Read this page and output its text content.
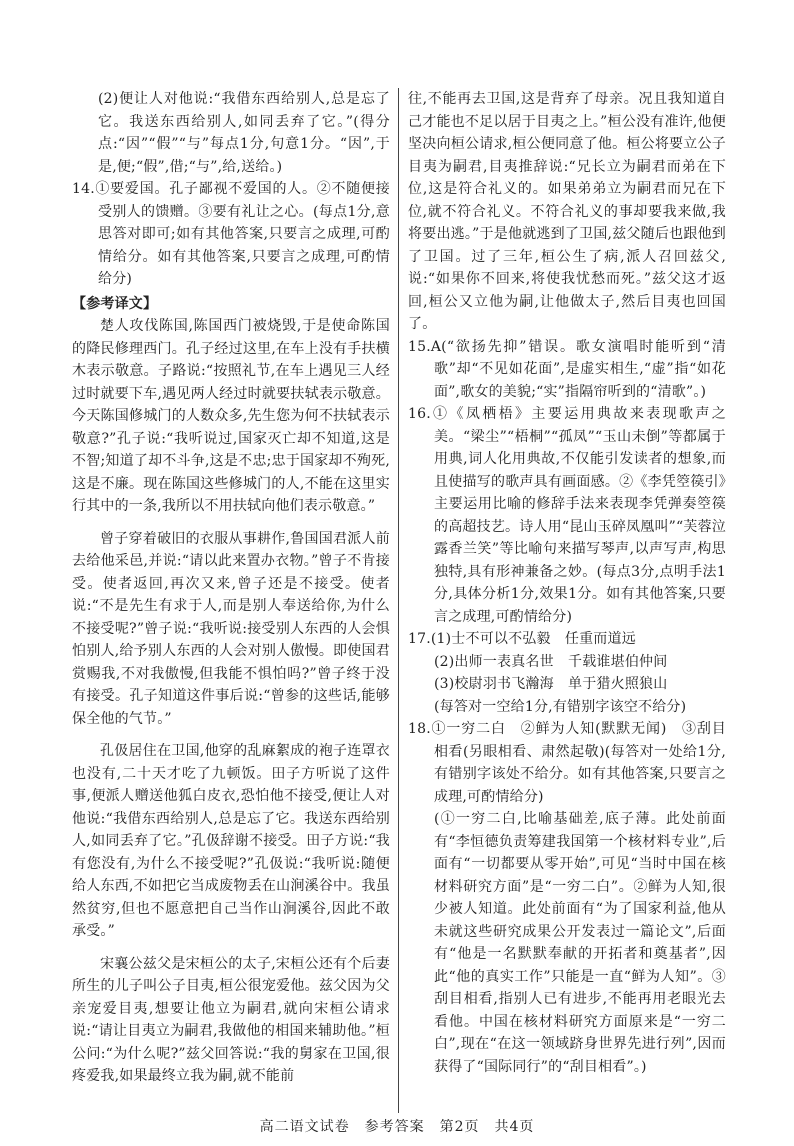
(2)便让人对他说:“我借东西给别人,总是忘了它。我送东西给别人,如同丢弃了它。”(得分点:“因”“假”“与”每点1分,句意1分。“因”,于是,便;“假”,借;“与”,给,送给。)

14.①要爱国。孔子鄙视不爱国的人。②不随便接受别人的馈赠。③要有礼让之心。(每点1分,意思答对即可;如有其他答案,只要言之成理,可酌情给分。如有其他答案,只要言之成理,可酌情给分)

【参考译文】

楚人攻伐陈国,陈国西门被烧毁,于是使命陈国的降民修理西门。孔子经过这里,在车上没有手扶横木表示敬意。子路说:“按照礼节,在车上遇见三人经过时就要下车,遇见两人经过时就要扶轼表示敬意。今天陈国修城门的人数众多,先生您为何不扶轼表示敬意?”孔子说:“我听说过,国家灭亡却不知道,这是不智;知道了却不斗争,这是不忠;忠于国家却不殉死,这是不廉。现在陈国这些修城门的人,不能在这里实行其中的一条,我所以不用扶轼向他们表示敬意。”

曾子穿着破旧的衣服从事耕作,鲁国国君派人前去给他采邑,并说:“请以此来置办衣物。”曾子不肯接受。使者返回,再次又来,曾子还是不接受。使者说:“不是先生有求于人,而是别人奉送给你,为什么不接受呢?”曾子说:“我听说:接受别人东西的人会惧怕别人,给予别人东西的人会对别人傲慢。即使国君赏赐我,不对我傲慢,但我能不惧怕吗?”曾子终于没有接受。孔子知道这件事后说:“曾参的这些话,能够保全他的气节。”

孔伋居住在卫国,他穿的乱麻絮成的袍子连罩衣也没有,二十天才吃了九顿饭。田子方听说了这件事,便派人赠送他狐白皮衣,恐怕他不接受,便让人对他说:“我借东西给别人,总是忘了它。我送东西给别人,如同丢弃了它。”孔伋辞谢不接受。田子方说:“我有您没有,为什么不接受呢?”孔伋说:“我听说:随便给人东西,不如把它当成废物丢在山涧溪谷中。我虽然贫穷,但也不愿意把自己当作山涧溪谷,因此不敢承受。”

宋襄公兹父是宋桓公的太子,宋桓公还有个后妻所生的儿子叫公子目夷,桓公很宠爱他。兹父因为父亲宠爱目夷,想要让他立为嗣君,就向宋桓公请求说:“请让目夷立为嗣君,我做他的相国来辅助他。”桓公问:“为什么呢?”兹父回答说:“我的舅家在卫国,很疼爱我,如果最终立我为嗣,就不能前

往,不能再去卫国,这是背弃了母亲。况且我知道自己才能也不足以居于目夷之上。”桓公没有准许,他便坚决向桓公请求,桓公便同意了他。桓公将要立公子目夷为嗣君,目夷推辞说:“兄长立为嗣君而弟在下位,这是符合礼义的。如果弟弟立为嗣君而兄在下位,就不符合礼义。不符合礼义的事却要我来做,我将要出逃。”于是他就逃到了卫国,兹父随后也跟他到了卫国。过了三年,桓公生了病,派人召回兹父,说:“如果你不回来,将使我忧愁而死。”兹父这才返回,桓公又立他为嗣,让他做太子,然后目夷也回国了。

15.A(“欲扬先抑”错误。歌女演唱时能听到“清歌”却“不见如花面”,是虚实相生,“虚”指“如花面”,歌女的美貌;“实”指隔帘听到的“清歌”。)

16.①《凤栖梧》主要运用典故来表现歌声之美。“梁尘”“梧桐”“孤凤”“玉山未倒”等都属于用典,词人化用典故,不仅能引发读者的想象,而且使描写的歌声具有画面感。②《李凭箜篌引》主要运用比喻的修辞手法来表现李凭弹奏箜篌的高超技艺。诗人用“昆山玉碎凤凰叫”“芙蓉泣露香兰笑”等比喻句来描写琴声,以声写声,构思独特,具有形神兼备之妙。(每点3分,点明手法1分,具体分析1分,效果1分。如有其他答案,只要言之成理,可酌情给分)

17.(1)士不可以不弘毅　任重而道远

(2)出师一表真名世　千载谁堪伯仲间

(3)校尉羽书飞瀚海　单于猎火照狼山

(每答对一空给1分,有错别字该空不给分)

18.①一穷二白　②鲜为人知(默默无闻)　③刮目相看(另眼相看、肃然起敬)(每答对一处给1分,有错别字该处不给分。如有其他答案,只要言之成理,可酌情给分)

(①一穷二白,比喻基础差,底子薄。此处前面有“李恒德负责筹建我国第一个核材料专业”,后面有“一切都要从零开始”,可见“当时中国在核材料研究方面”是“一穷二白”。②鲜为人知,很少被人知道。此处前面有“为了国家利益,他从未就这些研究成果公开发表过一篇论文”,后面有“他是一名默默奉献的开拓者和奠基者”,因此“他的真实工作”只能是一直“鲜为人知”。③刮目相看,指别人已有进步,不能再用老眼光去看他。中国在核材料研究方面原来是“一穷二白”,现在“在这一领域跻身世界先进行列”,因而获得了“国际同行”的“刮目相看”。)

高二语文试卷　参考答案　第2页　共4页
